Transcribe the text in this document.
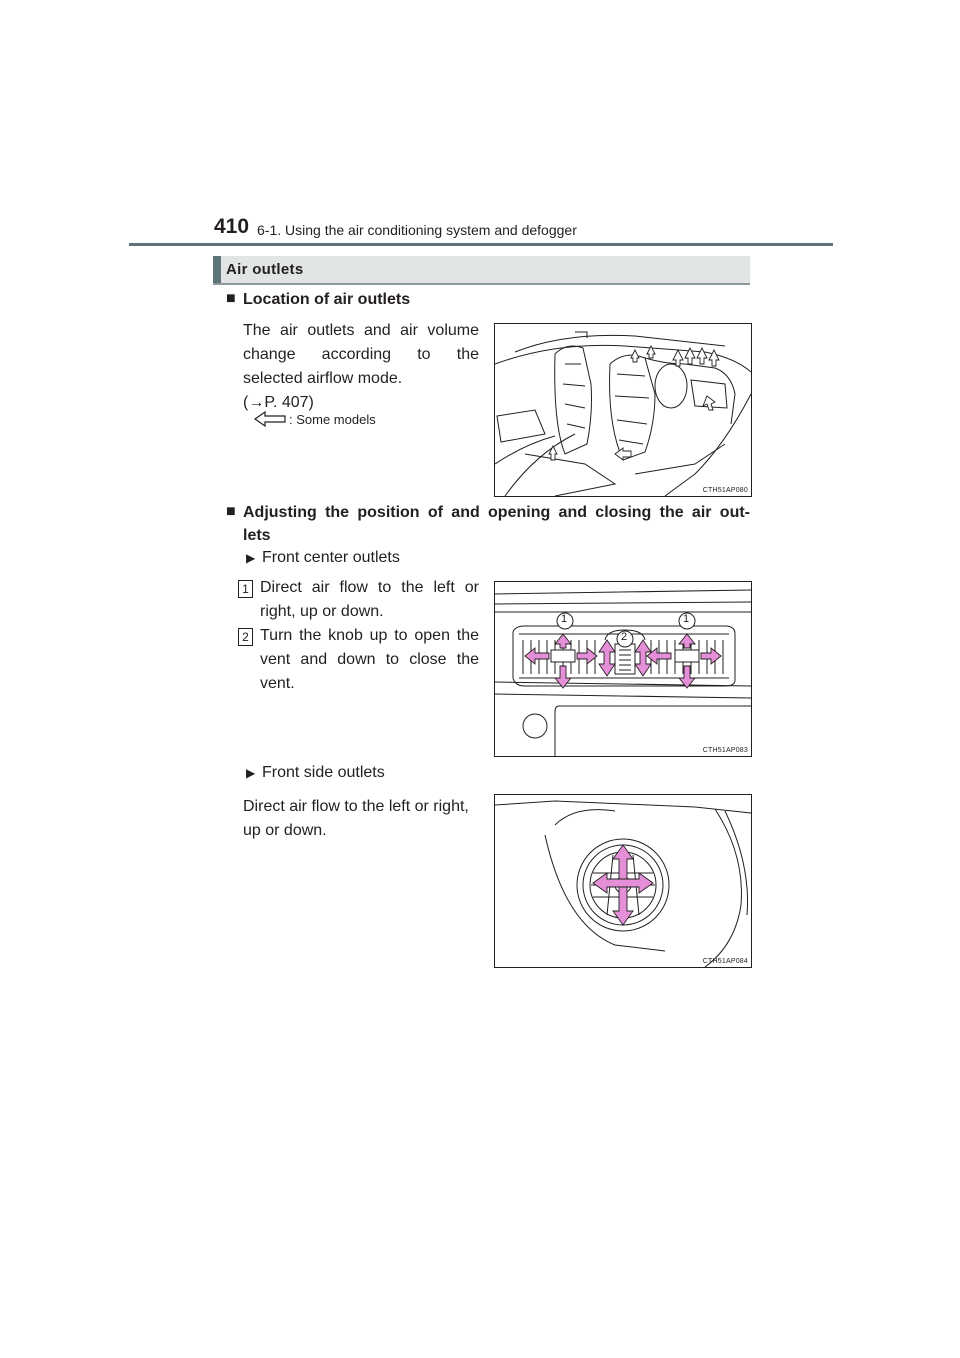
410 6-1. Using the air conditioning system and defogger
Air outlets
■ Location of air outlets
The air outlets and air volume
change according to the
selected airflow mode.
(→P. 407)
: Some models
CTH51AP080
■ Adjusting the position of and opening and closing the air out-
lets
▶ Front center outlets
1 Direct air flow to the left or
right, up or down.
2 Turn the knob up to open the
vent and down to close the
vent.
1	1
2
CTH51AP083
▶ Front side outlets
Direct air flow to the left or right,
up or down.
CTH51AP084
